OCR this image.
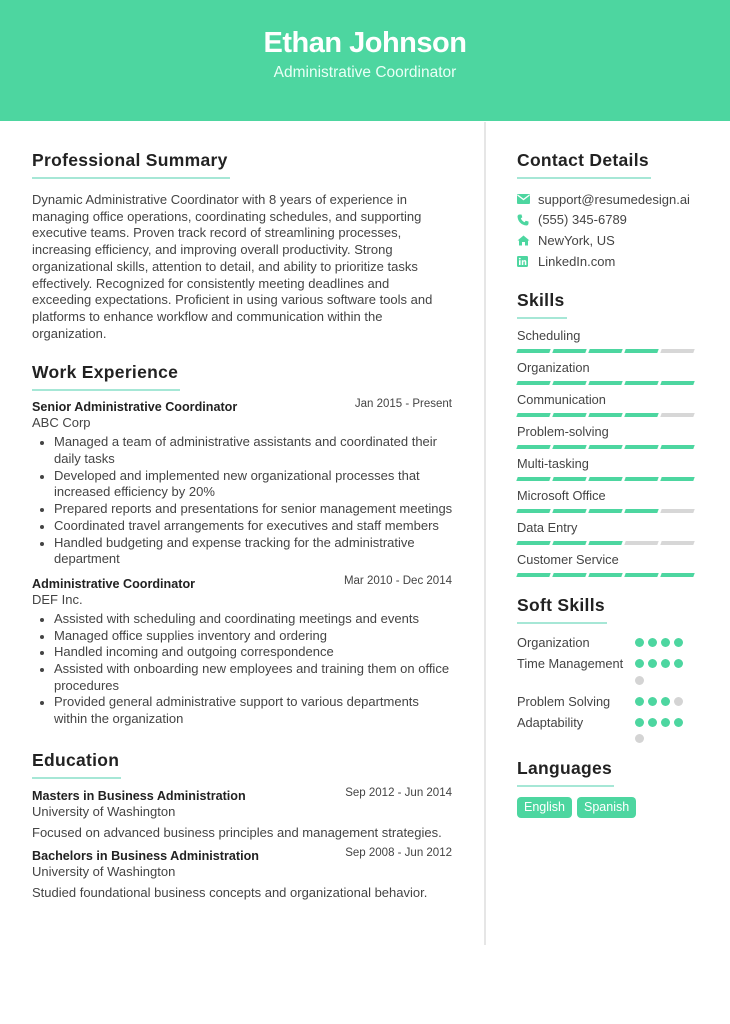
Ethan Johnson
Administrative Coordinator
Professional Summary

Dynamic Administrative Coordinator with 8 years of experience in managing office operations, coordinating schedules, and supporting executive teams. Proven track record of streamlining processes, increasing efficiency, and improving overall productivity. Strong organizational skills, attention to detail, and ability to prioritize tasks effectively. Recognized for consistently meeting deadlines and exceeding expectations. Proficient in using various software tools and platforms to enhance workflow and communication within the organization.

Work Experience
Senior Administrative Coordinator	Jan 2015 - Present
ABC Corp
Managed a team of administrative assistants and coordinated their daily tasks
Developed and implemented new organizational processes that increased efficiency by 20%
Prepared reports and presentations for senior management meetings
Coordinated travel arrangements for executives and staff members
Handled budgeting and expense tracking for the administrative department
Administrative Coordinator	Mar 2010 - Dec 2014
DEF Inc.
Assisted with scheduling and coordinating meetings and events
Managed office supplies inventory and ordering
Handled incoming and outgoing correspondence
Assisted with onboarding new employees and training them on office procedures
Provided general administrative support to various departments within the organization
Education
Masters in Business Administration	Sep 2012 - Jun 2014
University of Washington
Focused on advanced business principles and management strategies.
Bachelors in Business Administration	Sep 2008 - Jun 2012
University of Washington
Studied foundational business concepts and organizational behavior.
Contact Details
support@resumedesign.ai
(555) 345-6789
NewYork, US
LinkedIn.com
Skills
Scheduling
Organization
Communication
Problem-solving
Multi-tasking
Microsoft Office
Data Entry
Customer Service
Soft Skills
Organization
Time Management
Problem Solving
Adaptability
Languages
English	Spanish
